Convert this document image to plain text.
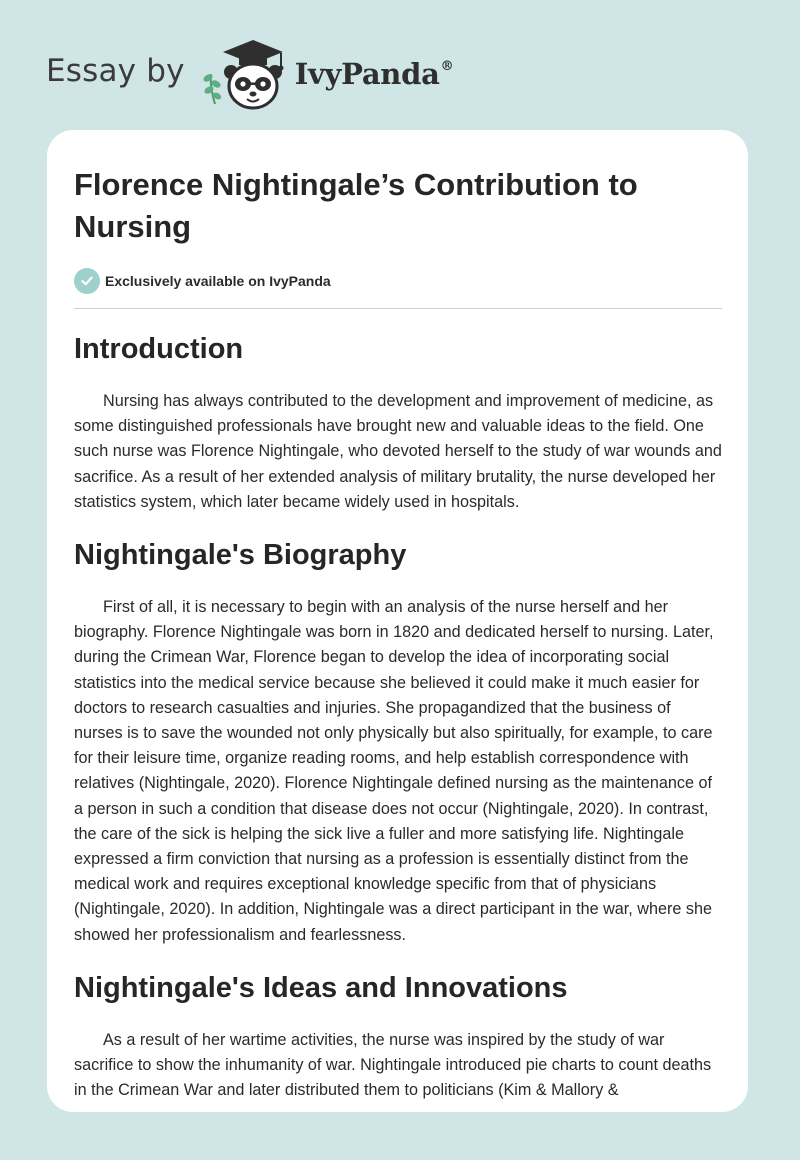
Essay by	IvyPanda®
Florence Nightingale’s Contribution to Nursing
Exclusively available on IvyPanda
Introduction

Nursing has always contributed to the development and improvement of medicine, as some distinguished professionals have brought new and valuable ideas to the field. One such nurse was Florence Nightingale, who devoted herself to the study of war wounds and sacrifice. As a result of her extended analysis of military brutality, the nurse developed her statistics system, which later became widely used in hospitals.

Nightingale's Biography

First of all, it is necessary to begin with an analysis of the nurse herself and her biography. Florence Nightingale was born in 1820 and dedicated herself to nursing. Later, during the Crimean War, Florence began to develop the idea of incorporating social statistics into the medical service because she believed it could make it much easier for doctors to research casualties and injuries. She propagandized that the business of nurses is to save the wounded not only physically but also spiritually, for example, to care for their leisure time, organize reading rooms, and help establish correspondence with relatives (Nightingale, 2020). Florence Nightingale defined nursing as the maintenance of a person in such a condition that disease does not occur (Nightingale, 2020). In contrast, the care of the sick is helping the sick live a fuller and more satisfying life. Nightingale expressed a firm conviction that nursing as a profession is essentially distinct from the medical work and requires exceptional knowledge specific from that of physicians (Nightingale, 2020). In addition, Nightingale was a direct participant in the war, where she showed her professionalism and fearlessness.

Nightingale's Ideas and Innovations

As a result of her wartime activities, the nurse was inspired by the study of war sacrifice to show the inhumanity of war. Nightingale introduced pie charts to count deaths in the Crimean War and later distributed them to politicians (Kim & Mallory &
